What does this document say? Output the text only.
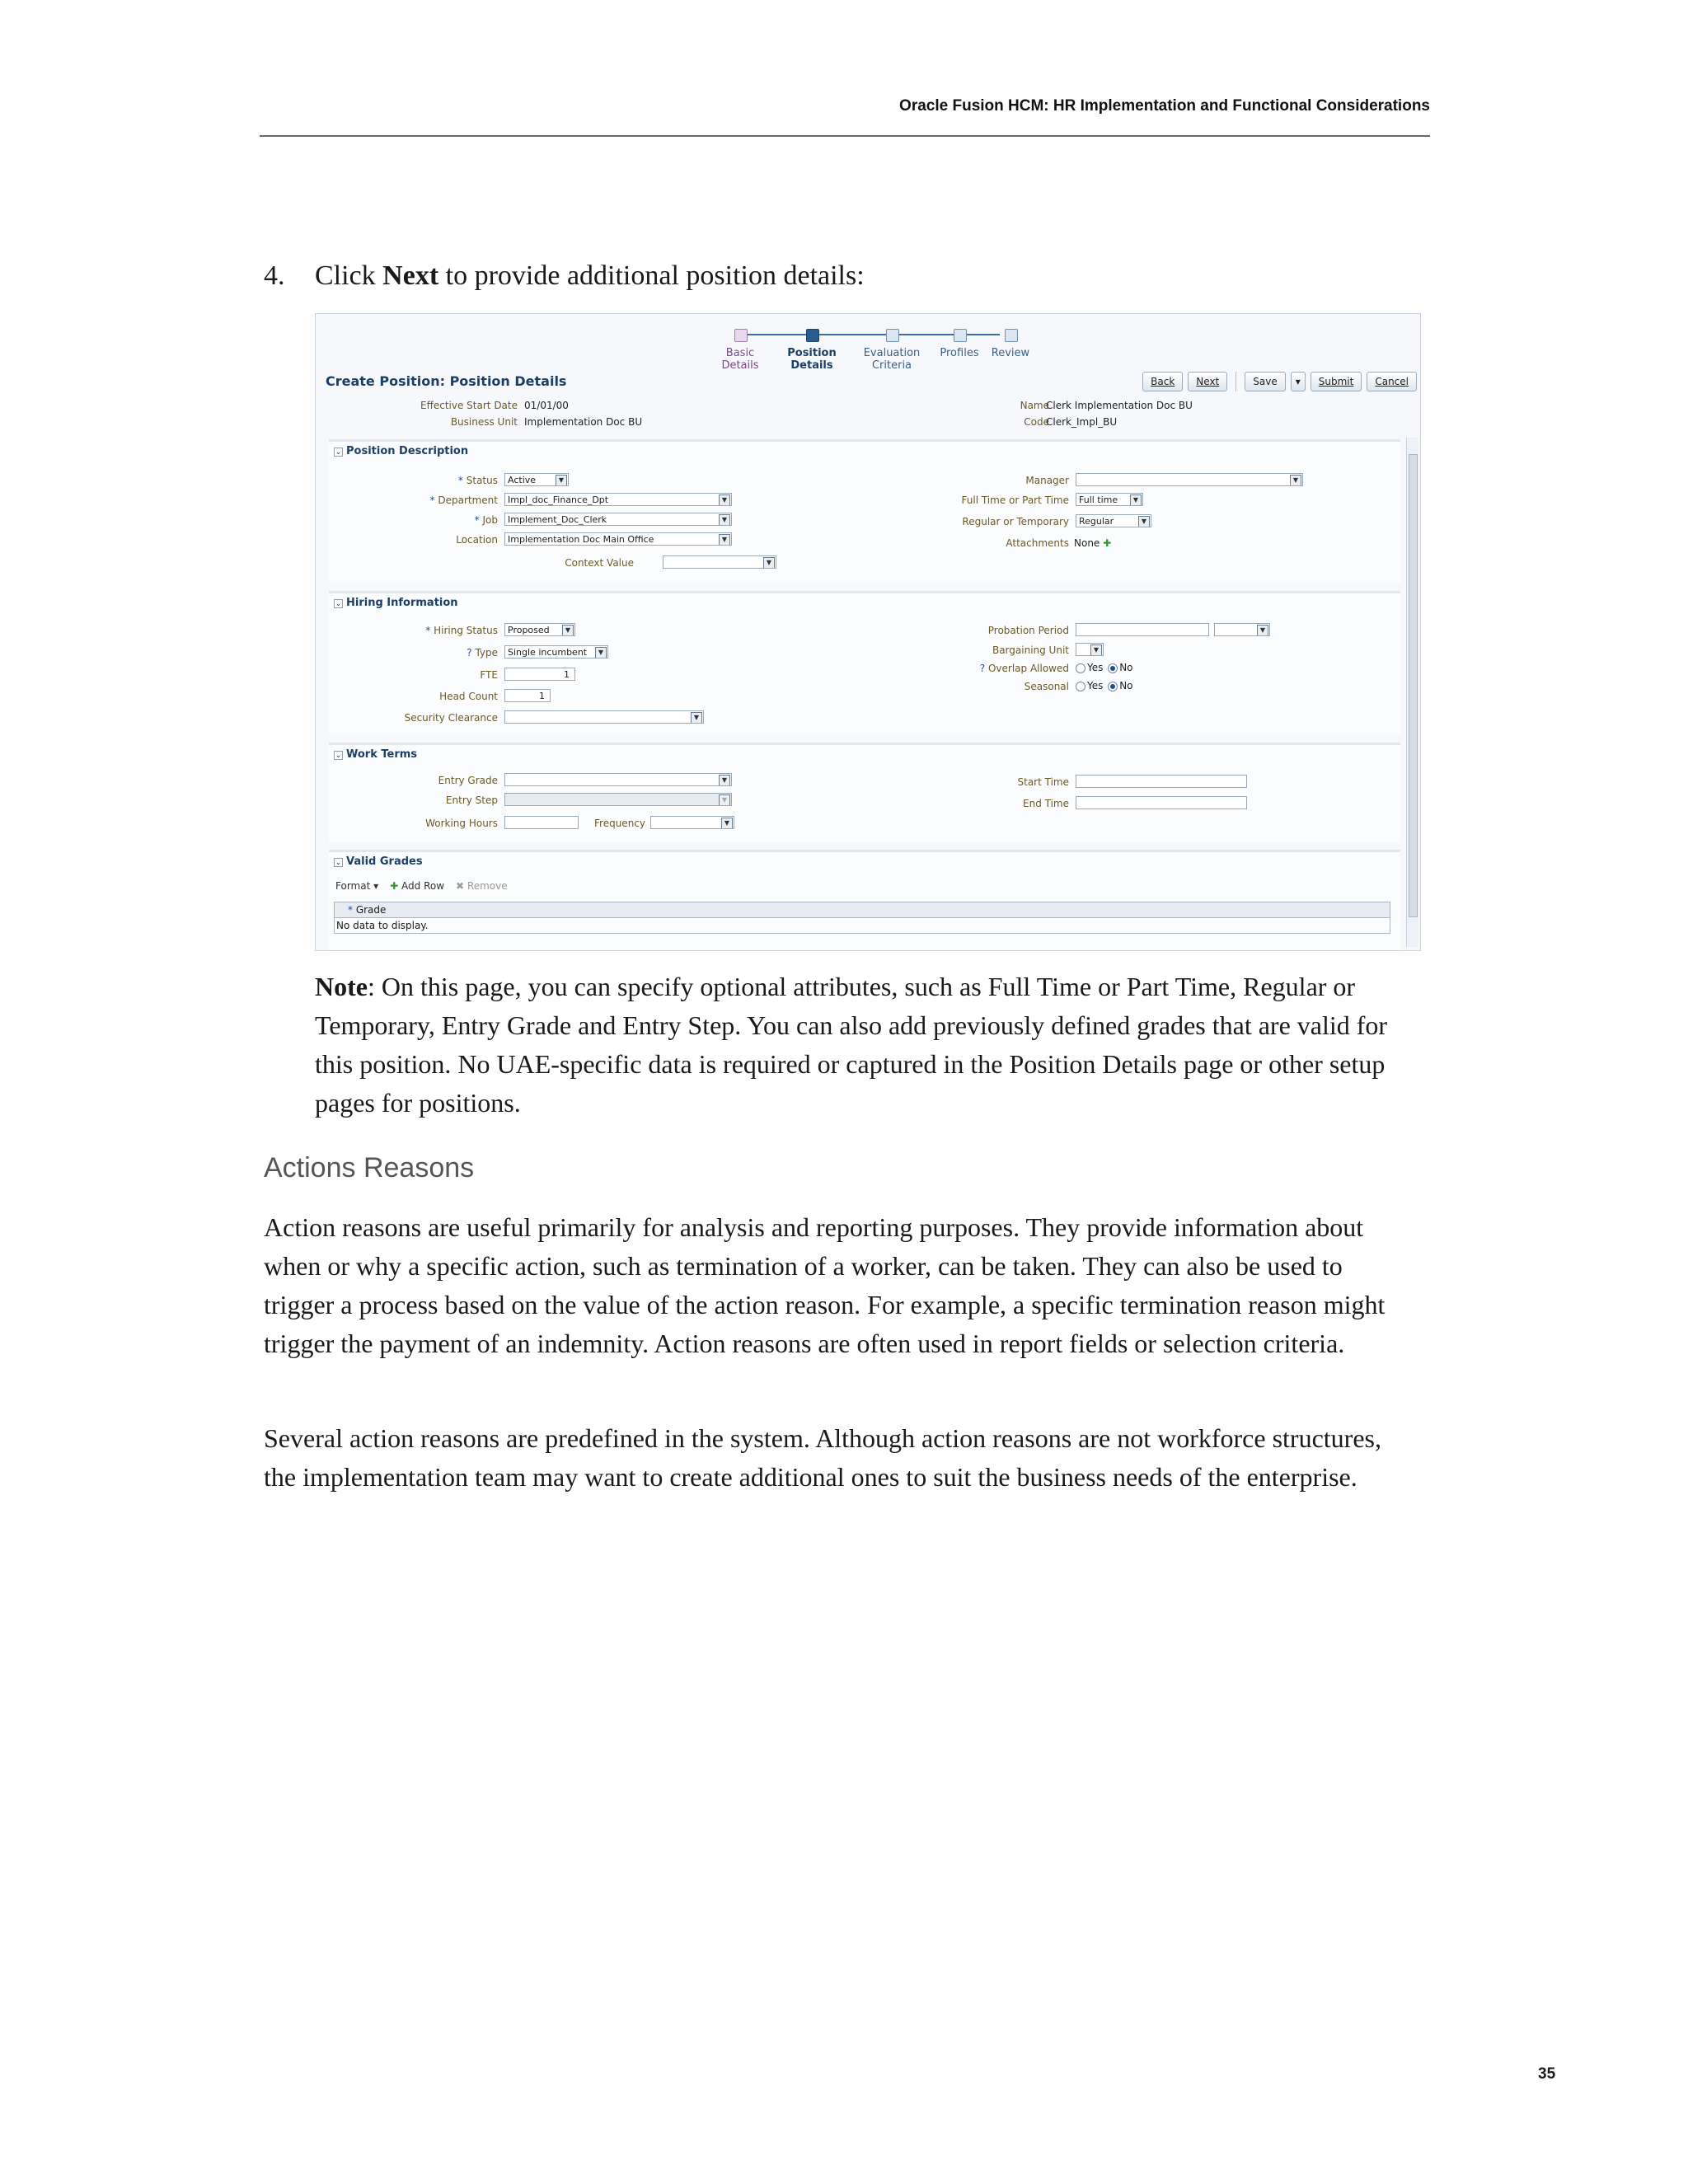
Oracle Fusion HCM: HR Implementation and Functional Considerations
4. Click Next to provide additional position details:
Basic
Details
Position
Details
Evaluation
Criteria
Profiles	Review
Create Position: Position Details	Back	Next	Save	▾	Submit	Cancel
Effective Start Date 01/01/00
Business Unit Implementation Doc BU
Name
Clerk Implementation Doc BU
Code
Clerk_Impl_BU
⌄ Position Description
* Status	Active	▼
* Department	Impl_doc_Finance_Dpt	▼
* Job	Implement_Doc_Clerk	▼
Location	Implementation Doc Main Office	▼
Context Value	▼
Manager	▼
Full Time or Part Time	Full time	▼
Regular or Temporary	Regular	▼
Attachments None ✚
⌄ Hiring Information
* Hiring Status	Proposed	▼
? Type	Single incumbent	▼
FTE	1
Head Count	1
Security Clearance	▼
Probation Period	▼
Bargaining Unit	▼
? Overlap Allowed	Yes No
Seasonal	Yes No
⌄ Work Terms
Entry Grade	▼
Entry Step	▼
Working Hours	Frequency	▼
Start Time
End Time
⌄ Valid Grades
Format ▾ ✚ Add Row ✖ Remove
* Grade
No data to display.
Note: On this page, you can specify optional attributes, such as Full Time or Part Time, Regular or Temporary, Entry Grade and Entry Step. You can also add previously defined grades that are valid for this position. No UAE-specific data is required or captured in the Position Details page or other setup pages for positions.
Actions Reasons
Action reasons are useful primarily for analysis and reporting purposes. They provide information about when or why a specific action, such as termination of a worker, can be taken. They can also be used to trigger a process based on the value of the action reason. For example, a specific termination reason might trigger the payment of an indemnity. Action reasons are often used in report fields or selection criteria.
Several action reasons are predefined in the system. Although action reasons are not workforce structures, the implementation team may want to create additional ones to suit the business needs of the enterprise.
35
